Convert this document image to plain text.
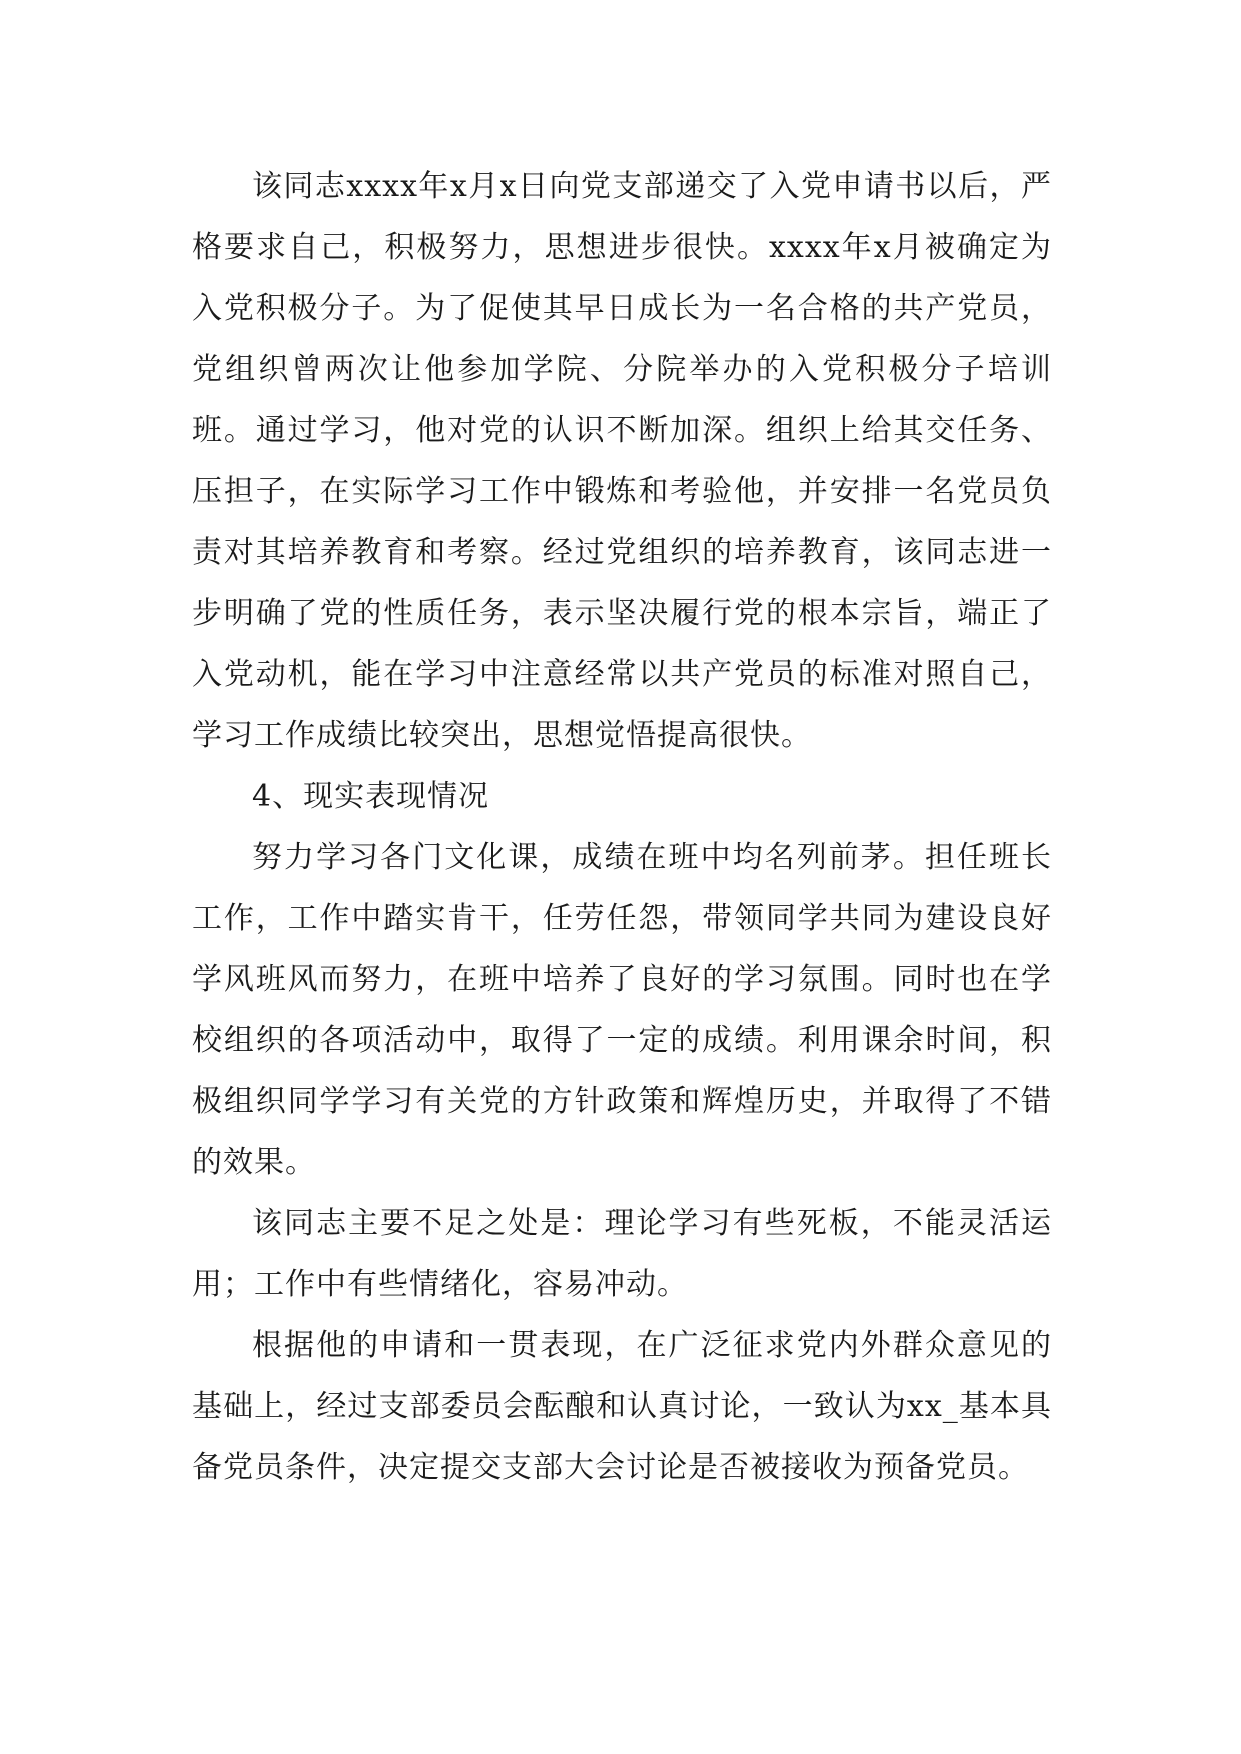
该同志xxxx年x月x日向党支部递交了入党申请书以后，严格要求自己，积极努力，思想进步很快。xxxx年x月被确定为入党积极分子。为了促使其早日成长为一名合格的共产党员，党组织曾两次让他参加学院、分院举办的入党积极分子培训班。通过学习，他对党的认识不断加深。组织上给其交任务、压担子，在实际学习工作中锻炼和考验他，并安排一名党员负责对其培养教育和考察。经过党组织的培养教育，该同志进一步明确了党的性质任务，表示坚决履行党的根本宗旨，端正了入党动机，能在学习中注意经常以共产党员的标准对照自己，学习工作成绩比较突出，思想觉悟提高很快。

4、现实表现情况

努力学习各门文化课，成绩在班中均名列前茅。担任班长工作，工作中踏实肯干，任劳任怨，带领同学共同为建设良好学风班风而努力，在班中培养了良好的学习氛围。同时也在学校组织的各项活动中，取得了一定的成绩。利用课余时间，积极组织同学学习有关党的方针政策和辉煌历史，并取得了不错的效果。

该同志主要不足之处是：理论学习有些死板，不能灵活运用；工作中有些情绪化，容易冲动。

根据他的申请和一贯表现，在广泛征求党内外群众意见的基础上，经过支部委员会酝酿和认真讨论，一致认为xx_基本具备党员条件，决定提交支部大会讨论是否被接收为预备党员。
